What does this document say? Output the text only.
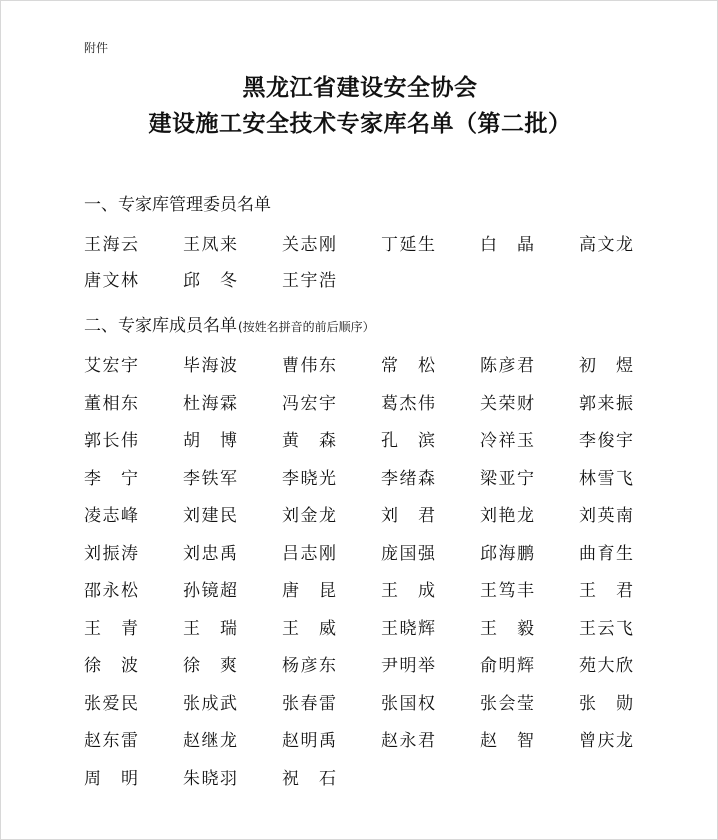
附件
黑龙江省建设安全协会
建设施工安全技术专家库名单（第二批）
一、专家库管理委员名单
王海云	王凤来	关志刚	丁延生	白晶	高文龙
唐文林	邱冬	王宇浩
二、专家库成员名单(按姓名拼音的前后顺序）
艾宏宇	毕海波	曹伟东	常松	陈彦君	初煜
董相东	杜海霖	冯宏宇	葛杰伟	关荣财	郭来振
郭长伟	胡博	黄森	孔滨	冷祥玉	李俊宇
李宁	李铁军	李晓光	李绪森	梁亚宁	林雪飞
凌志峰	刘建民	刘金龙	刘君	刘艳龙	刘英南
刘振涛	刘忠禹	吕志刚	庞国强	邱海鹏	曲育生
邵永松	孙镜超	唐昆	王成	王笃丰	王君
王青	王瑞	王威	王晓辉	王毅	王云飞
徐波	徐爽	杨彦东	尹明举	俞明辉	苑大欣
张爱民	张成武	张春雷	张国权	张会莹	张勋
赵东雷	赵继龙	赵明禹	赵永君	赵智	曾庆龙
周明	朱晓羽	祝石
